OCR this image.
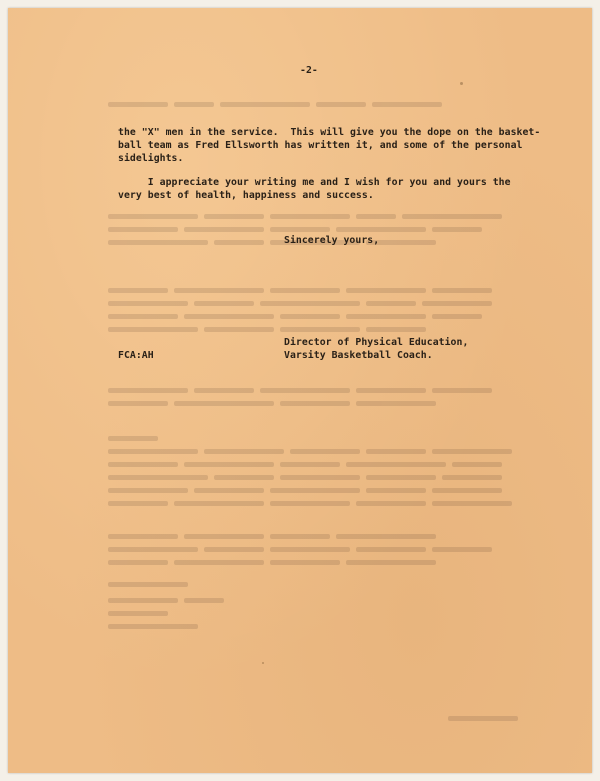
-2-
the "X" men in the service.  This will give you the dope on the basket-
ball team as Fred Ellsworth has written it, and some of the personal
sidelights.
I appreciate your writing me and I wish for you and yours the
very best of health, happiness and success.
Sincerely yours,
Director of Physical Education,
Varsity Basketball Coach.
FCA:AH
